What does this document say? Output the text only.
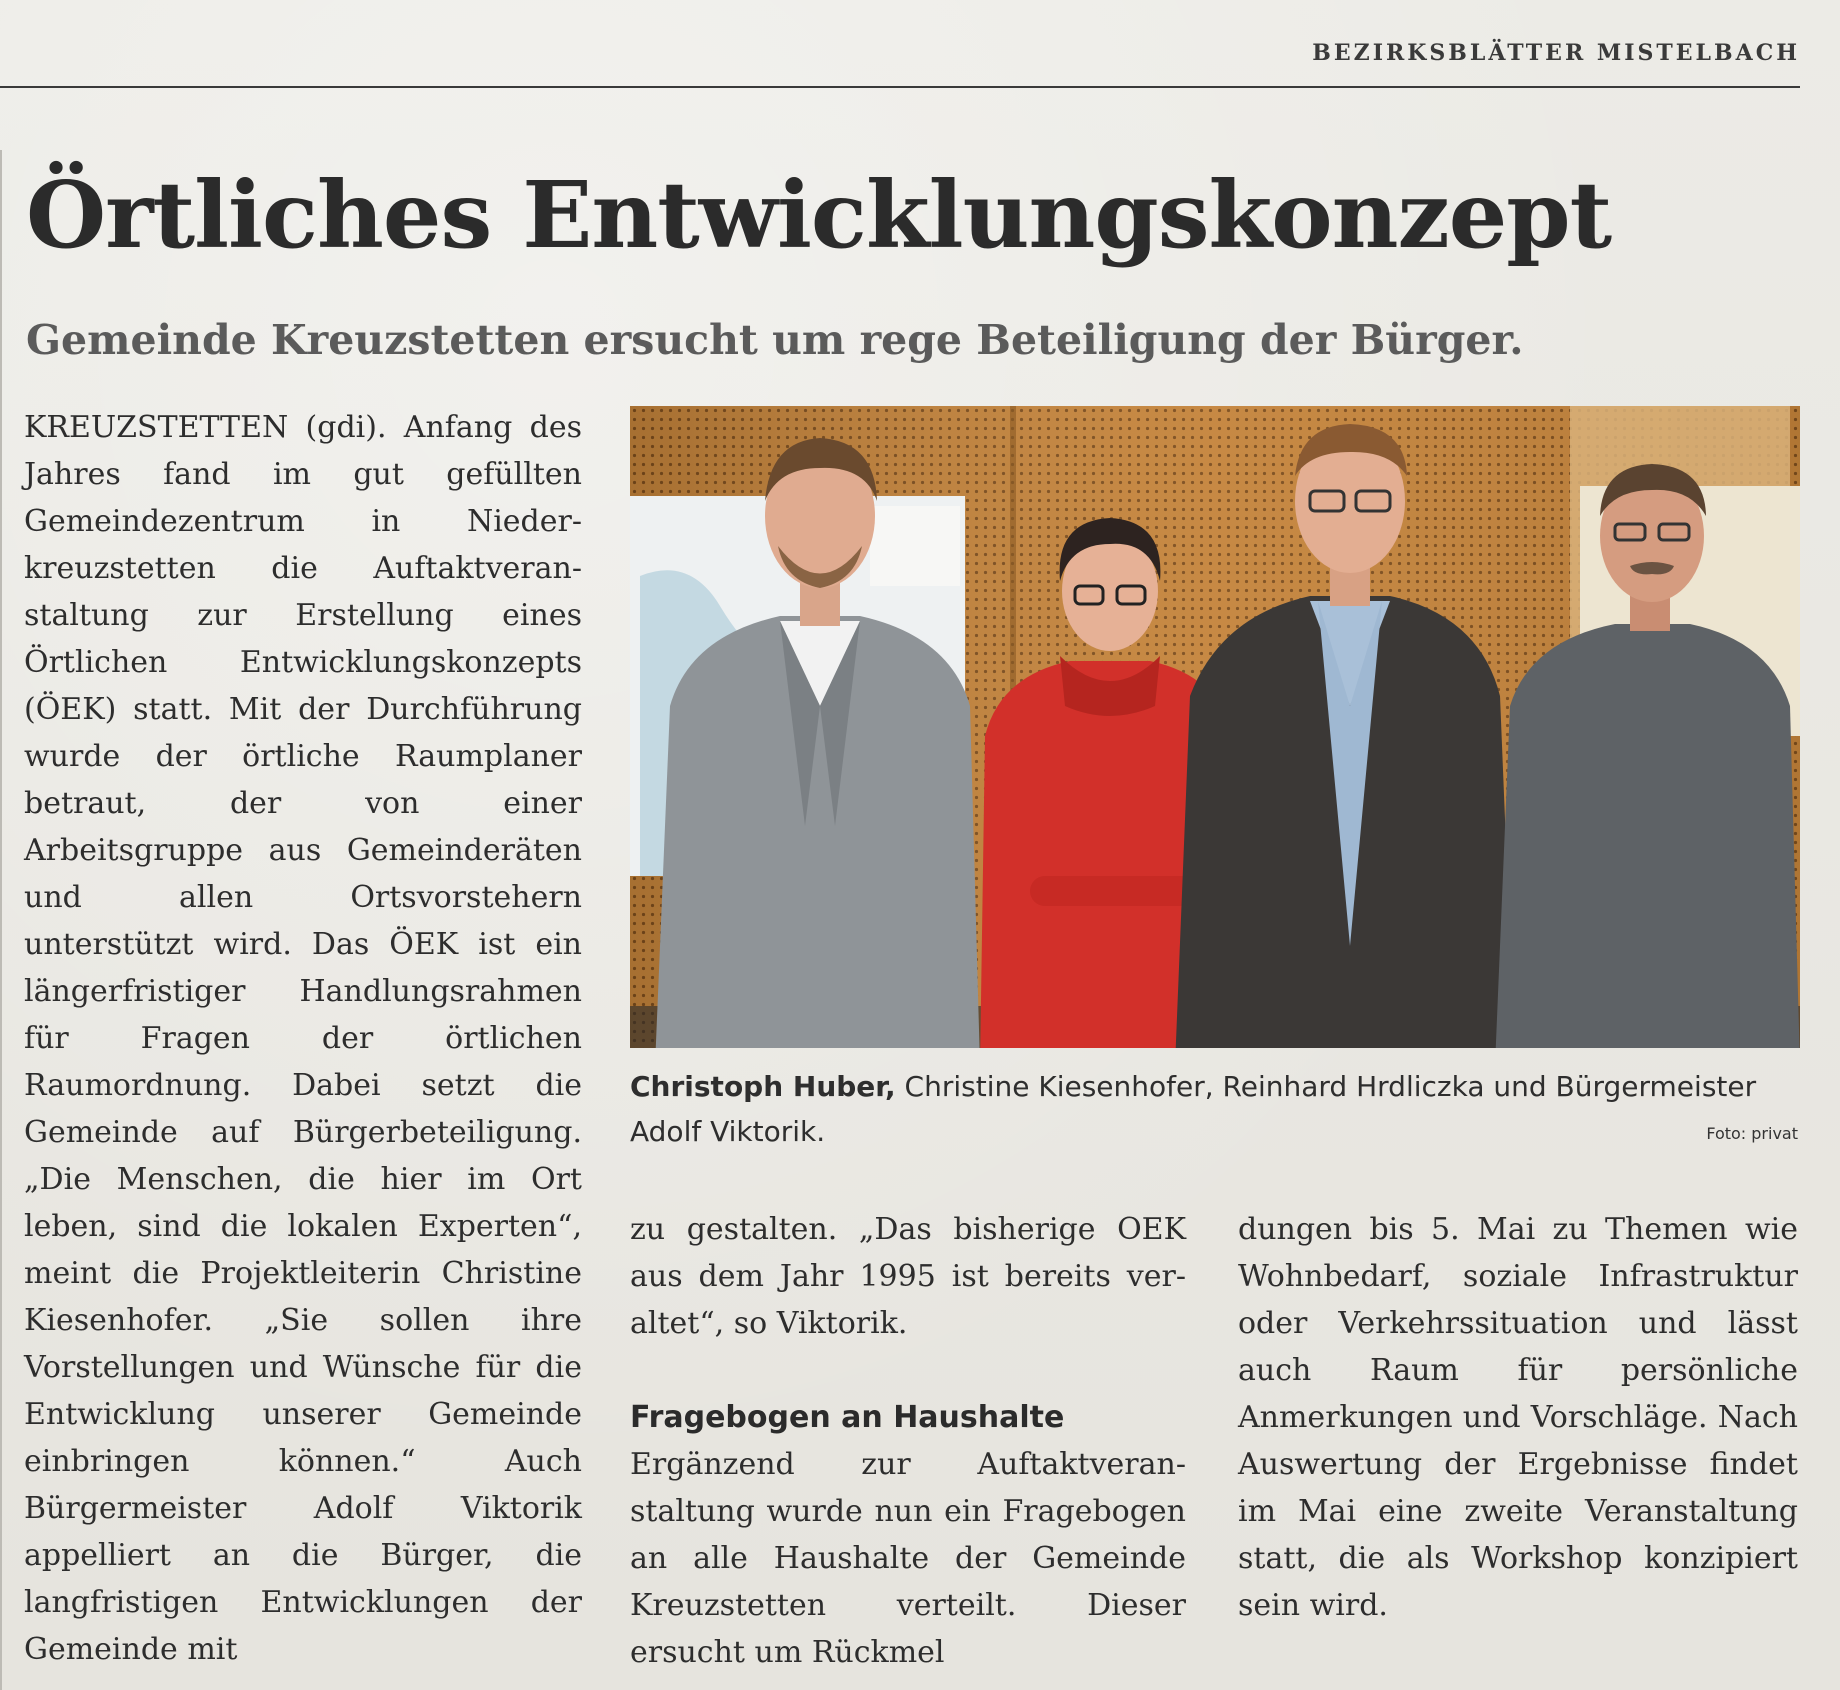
BEZIRKSBLÄTTER MISTELBACH
Örtliches Entwicklungskonzept
Gemeinde Kreuzstetten ersucht um rege Beteiligung der Bürger.

KREUZSTETTEN (gdi). Anfang des Jahres fand im gut gefüllten Gemeindezentrum in Niederkreuzstetten die Auftaktveranstaltung zur Erstellung eines Örtlichen Entwicklungskonzepts (ÖEK) statt. Mit der Durchführung wurde der örtliche Raumplaner betraut, der von einer Arbeitsgruppe aus Gemeinderäten und allen Ortsvorstehern unterstützt wird. Das ÖEK ist ein längerfristiger Handlungsrahmen für Fragen der örtlichen Raumordnung. Dabei setzt die Gemeinde auf Bürgerbeteiligung. „Die Menschen, die hier im Ort leben, sind die lokalen Experten“, meint die Projektleiterin Christine Kiesenhofer. „Sie sollen ihre Vorstellungen und Wünsche für die Entwicklung unserer Gemeinde einbringen können.“ Auch Bürgermeister Adolf Viktorik appelliert an die Bürger, die langfristigen Entwicklungen der Gemeinde mit

Christoph Huber, Christine Kiesenhofer, Reinhard Hrdliczka und Bürgermeister Adolf Viktorik.	Foto: privat

zu gestalten. „Das bisherige OEK aus dem Jahr 1995 ist bereits veraltet“, so Viktorik.

Fragebogen an Haushalte

Ergänzend zur Auftaktveranstaltung wurde nun ein Fragebogen an alle Haushalte der Gemeinde Kreuzstetten verteilt. Dieser ersucht um Rückmel

dungen bis 5. Mai zu Themen wie Wohnbedarf, soziale Infrastruktur oder Verkehrssituation und lässt auch Raum für persönliche Anmerkungen und Vorschläge. Nach Auswertung der Ergebnisse findet im Mai eine zweite Veranstaltung statt, die als Workshop konzipiert sein wird.
